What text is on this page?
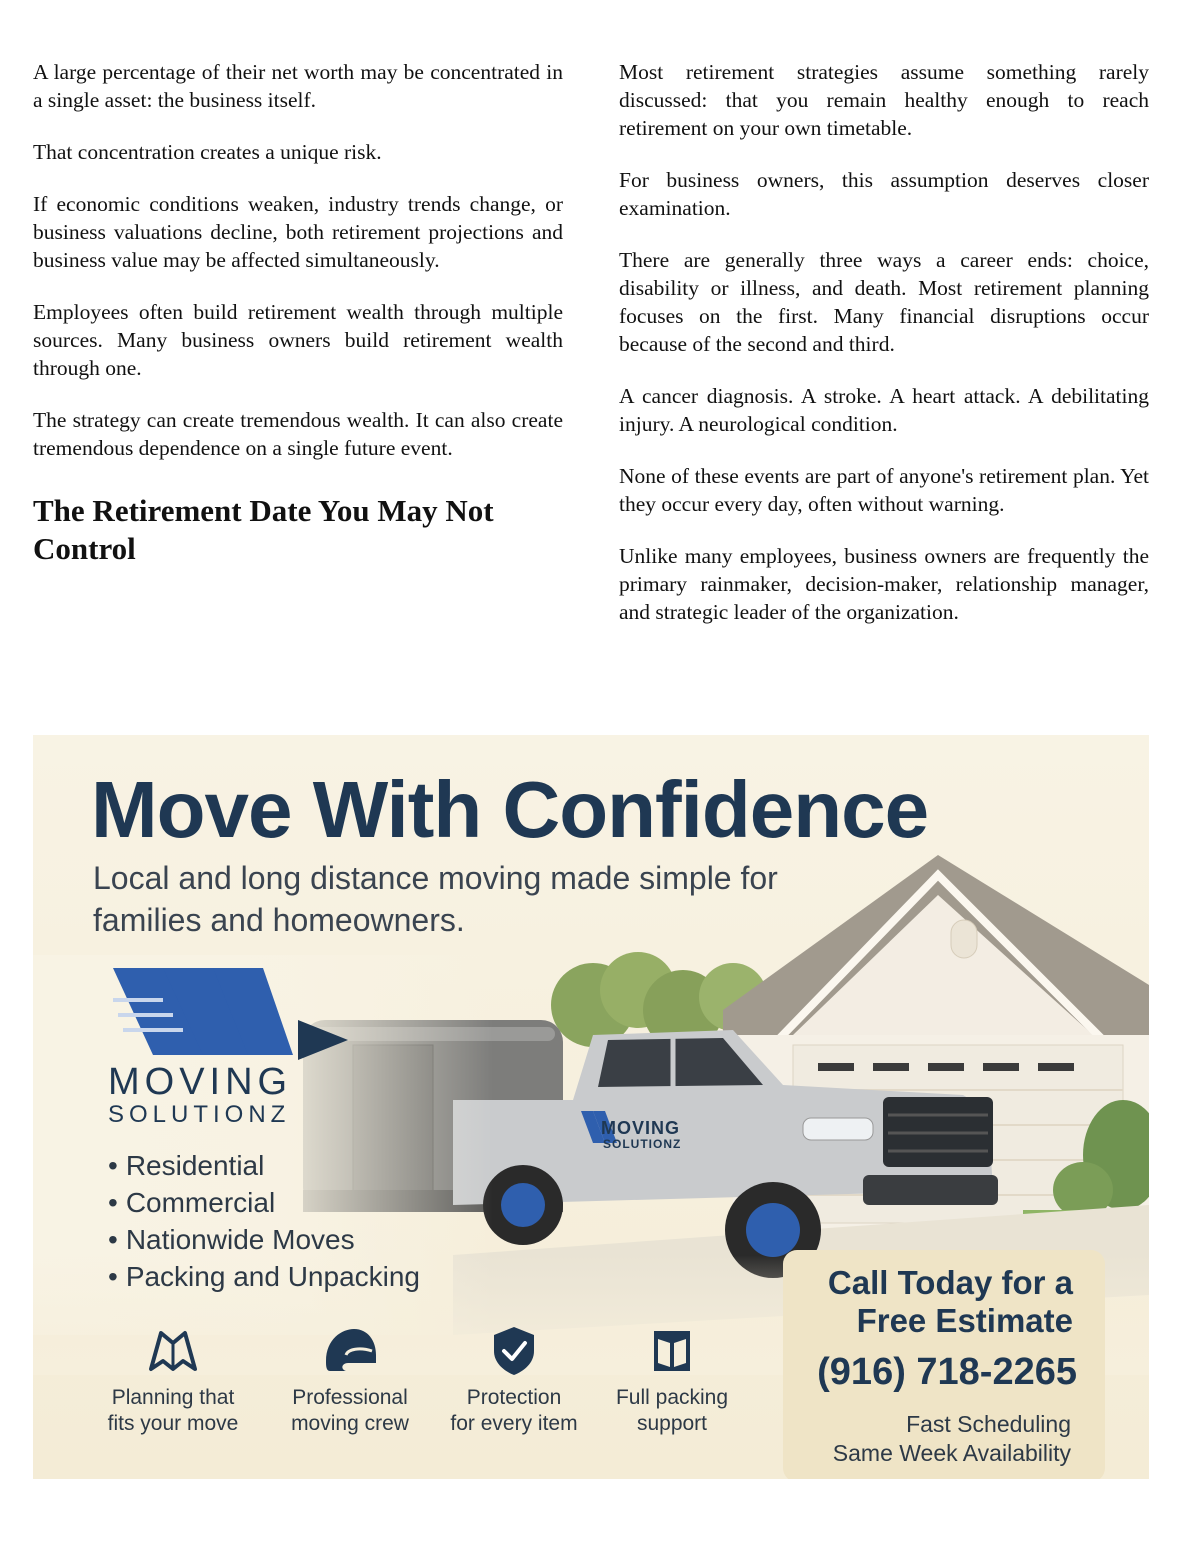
A large percentage of their net worth may be concentrated in a single asset: the business itself.

That concentration creates a unique risk.

If economic conditions weaken, industry trends change, or business valuations decline, both retirement projections and business value may be affected simultaneously.

Employees often build retirement wealth through multiple sources. Many business owners build retirement wealth through one.

The strategy can create tremendous wealth. It can also create tremendous dependence on a single future event.

The Retirement Date You May Not Control

Most retirement strategies assume something rarely discussed: that you remain healthy enough to reach retirement on your own timetable.

For business owners, this assumption deserves closer examination.

There are generally three ways a career ends: choice, disability or illness, and death. Most retirement planning focuses on the first. Many financial disruptions occur because of the second and third.

A cancer diagnosis. A stroke. A heart attack. A debilitating injury. A neurological condition.

None of these events are part of anyone's retirement plan. Yet they occur every day, often without warning.

Unlike many employees, business owners are frequently the primary rainmaker, decision-maker, relationship manager, and strategic leader of the organization.

Move With Confidence
Local and long distance moving made simple for families and homeowners.
MOVING
SOLUTIONZ	MOVING
SOLUTIONZ
• Residential
• Commercial
• Nationwide Moves
• Packing and Unpacking
Planning that
fits your move
Professional
moving crew
Protection
for every item
Full packing
support
Call Today for a
Free Estimate
(916) 718-2265
Fast Scheduling
Same Week Availability
